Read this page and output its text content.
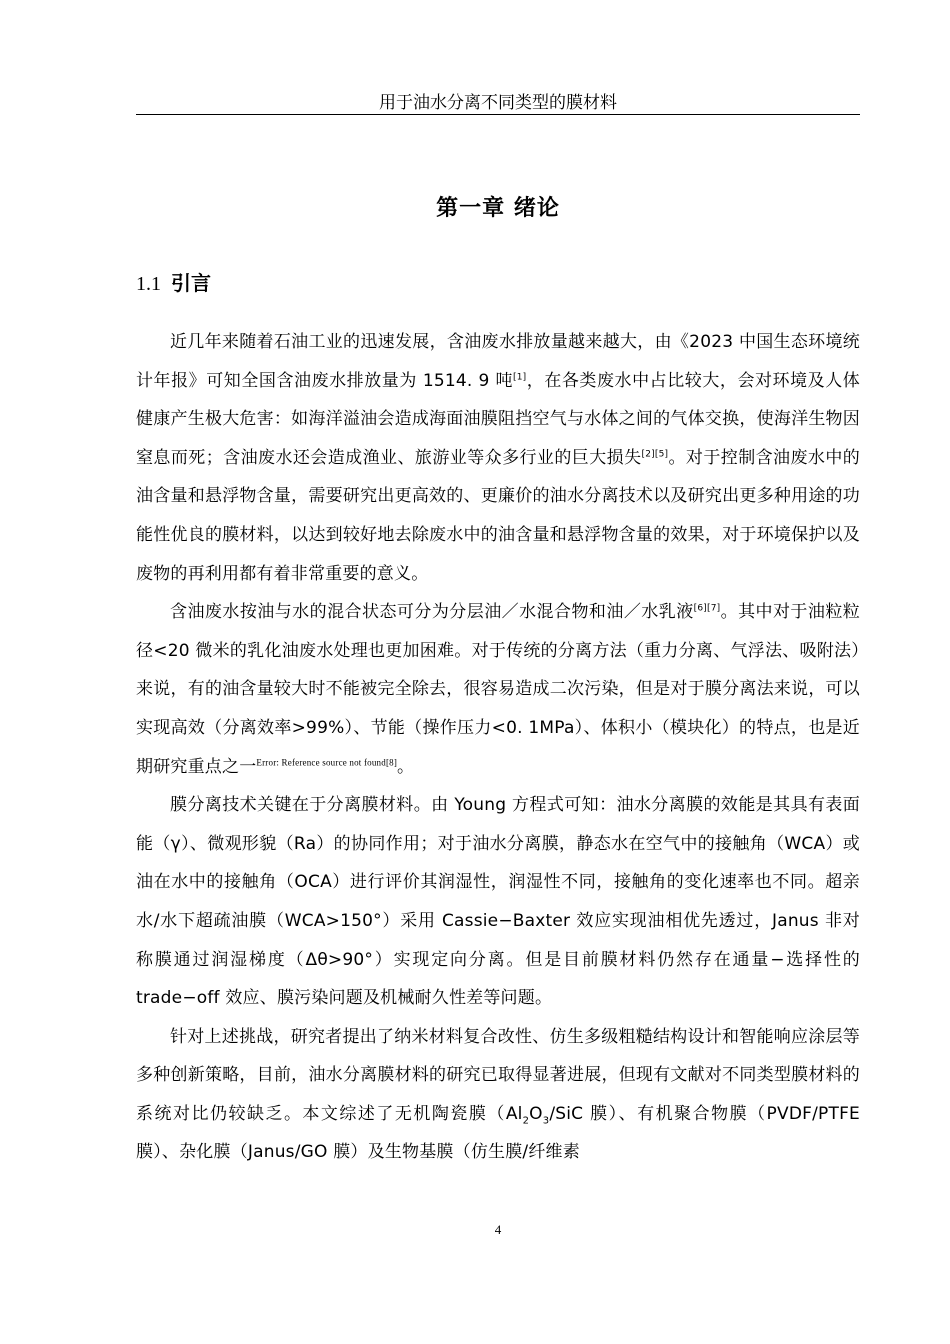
用于油水分离不同类型的膜材料
第一章 绪论
1.1 引言

近几年来随着石油工业的迅速发展，含油废水排放量越来越大，由《2023 中国生态环境统计年报》可知全国含油废水排放量为 1514. 9 吨[1]，在各类废水中占比较大，会对环境及人体健康产生极大危害：如海洋溢油会造成海面油膜阻挡空气与水体之间的气体交换，使海洋生物因窒息而死；含油废水还会造成渔业、旅游业等众多行业的巨大损失[2][5]。对于控制含油废水中的油含量和悬浮物含量，需要研究出更高效的、更廉价的油水分离技术以及研究出更多种用途的功能性优良的膜材料，以达到较好地去除废水中的油含量和悬浮物含量的效果，对于环境保护以及废物的再利用都有着非常重要的意义。

含油废水按油与水的混合状态可分为分层油／水混合物和油／水乳液[6][7]。其中对于油粒粒径<20 微米的乳化油废水处理也更加困难。对于传统的分离方法（重力分离、气浮法、吸附法）来说，有的油含量较大时不能被完全除去，很容易造成二次污染，但是对于膜分离法来说，可以实现高效（分离效率>99%）、节能（操作压力<0. 1MPa）、体积小（模块化）的特点，也是近期研究重点之一$^{Error: Reference source not found[8]}$。

膜分离技术关键在于分离膜材料。由 Young 方程式可知：油水分离膜的效能是其具有表面能（γ）、微观形貌（Ra）的协同作用；对于油水分离膜，静态水在空气中的接触角（WCA）或油在水中的接触角（OCA）进行评价其润湿性，润湿性不同，接触角的变化速率也不同。超亲水/水下超疏油膜（WCA>150°）采用 Cassie−Baxter 效应实现油相优先透过，Janus 非对称膜通过润湿梯度（Δθ>90°）实现定向分离。但是目前膜材料仍然存在通量−选择性的 trade−off 效应、膜污染问题及机械耐久性差等问题。

针对上述挑战，研究者提出了纳米材料复合改性、仿生多级粗糙结构设计和智能响应涂层等多种创新策略，目前，油水分离膜材料的研究已取得显著进展，但现有文献对不同类型膜材料的系统对比仍较缺乏。本文综述了无机陶瓷膜（$Al_2O_3$/SiC 膜）、有机聚合物膜（PVDF/PTFE 膜）、杂化膜（Janus/GO 膜）及生物基膜（仿生膜/纤维素

4
